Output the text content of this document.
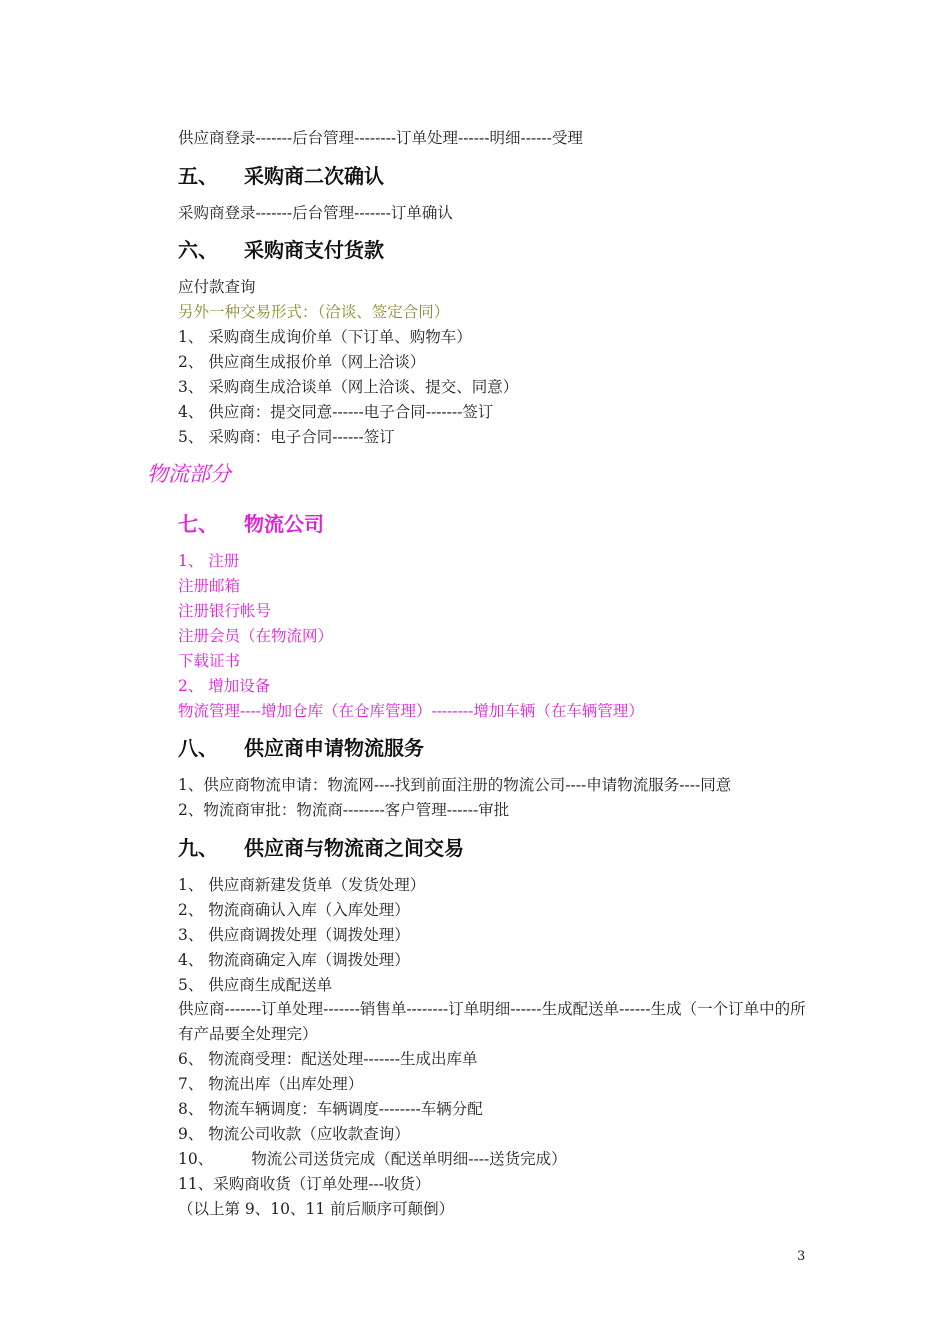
供应商登录-------后台管理--------订单处理------明细------受理
五、 采购商二次确认
采购商登录-------后台管理-------订单确认
六、 采购商支付货款
应付款查询
另外一种交易形式：（洽谈、签定合同）
1、 采购商生成询价单（下订单、购物车）
2、 供应商生成报价单（网上洽谈）
3、 采购商生成洽谈单（网上洽谈、提交、同意）
4、 供应商：提交同意------电子合同-------签订
5、 采购商：电子合同------签订
物流部分
七、 物流公司
1、 注册
注册邮箱
注册银行帐号
注册会员（在物流网）
下载证书
2、 增加设备
物流管理----增加仓库（在仓库管理）--------增加车辆（在车辆管理）
八、 供应商申请物流服务
1、供应商物流申请：物流网----找到前面注册的物流公司----申请物流服务----同意
2、物流商审批：物流商--------客户管理------审批
九、 供应商与物流商之间交易
1、 供应商新建发货单（发货处理）
2、 物流商确认入库（入库处理）
3、 供应商调拨处理（调拨处理）
4、 物流商确定入库（调拨处理）
5、 供应商生成配送单
供应商-------订单处理-------销售单--------订单明细------生成配送单------生成（一个订单中的所有产品要全处理完）
6、 物流商受理：配送处理-------生成出库单
7、 物流出库（出库处理）
8、 物流车辆调度：车辆调度--------车辆分配
9、 物流公司收款（应收款查询）
10、 物流公司送货完成（配送单明细----送货完成）
11、采购商收货（订单处理---收货）
（以上第 9、10、11 前后顺序可颠倒）
3
